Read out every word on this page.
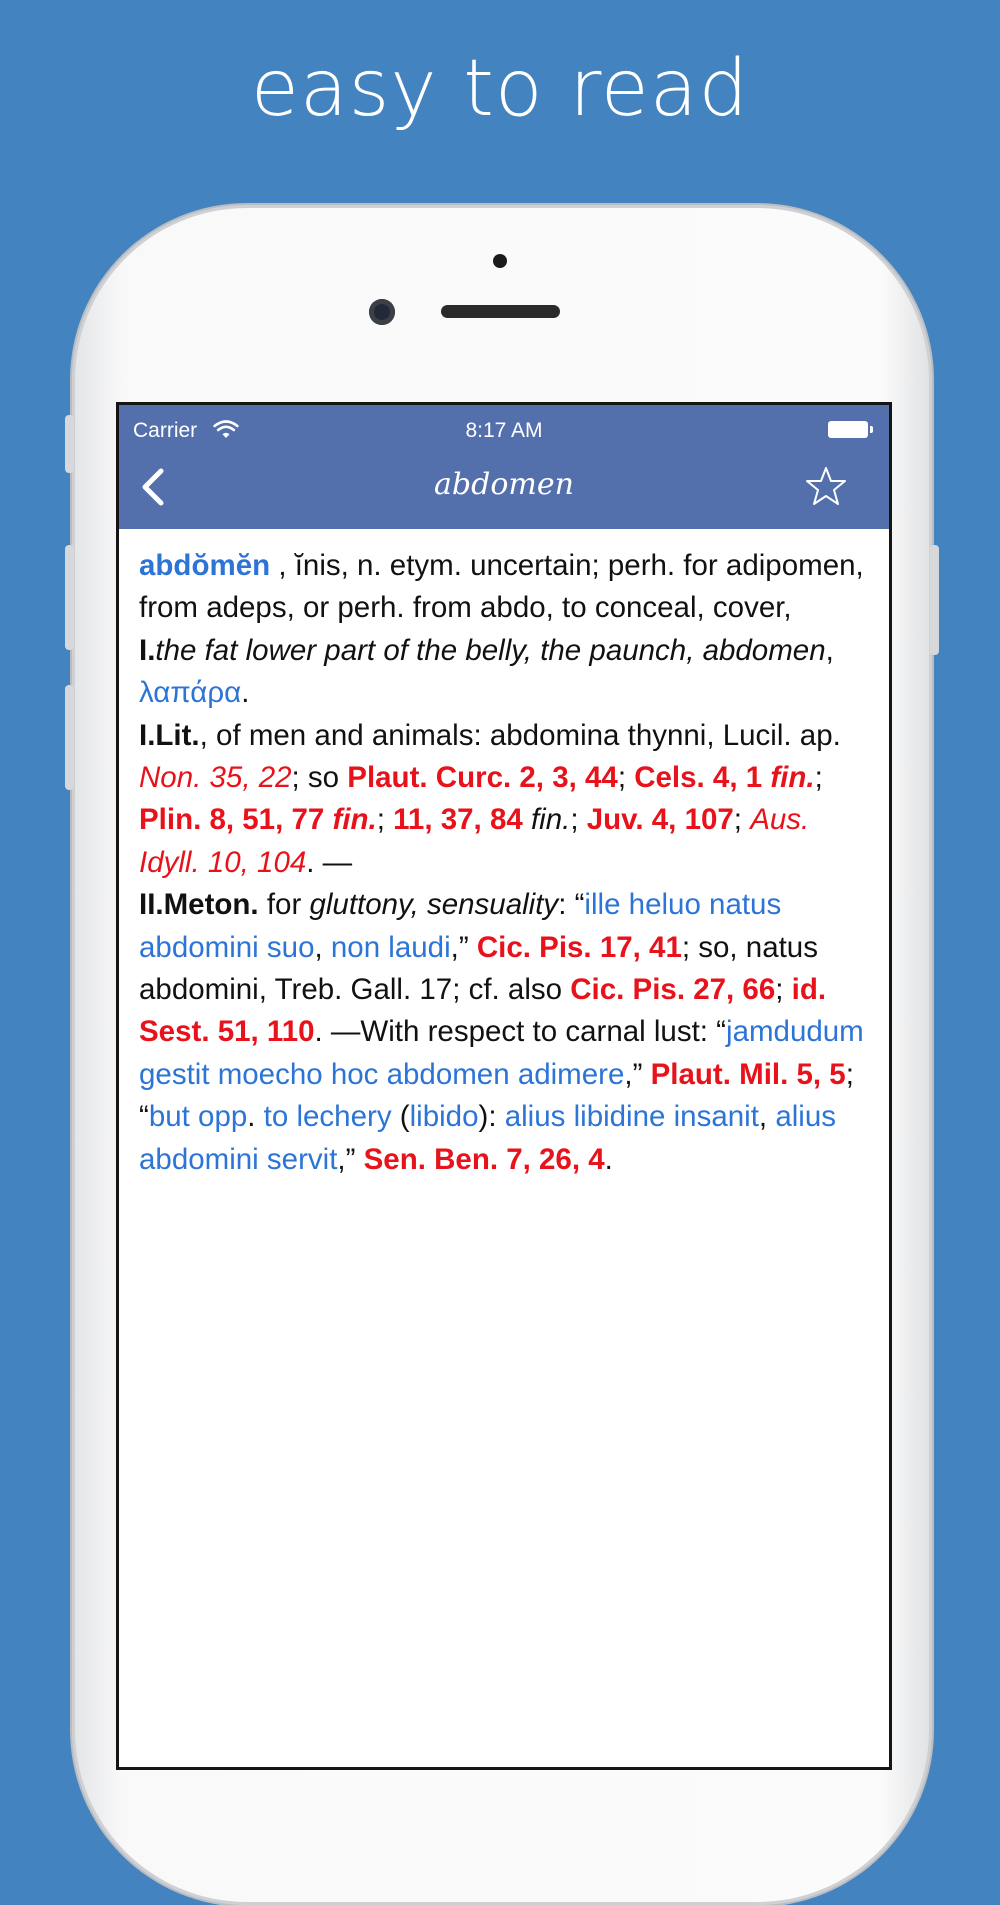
easy to read
Carrier	8:17 AM
abdomen

abdŏmĕn , ĭnis, n. etym. uncertain; perh. for adipomen, from adeps, or perh. from abdo, to conceal, cover,

I.the fat lower part of the belly, the paunch, abdomen, λαπάρα.

I.Lit., of men and animals: abdomina thynni, Lucil. ap. Non. 35, 22; so Plaut. Curc. 2, 3, 44; Cels. 4, 1 fin.; Plin. 8, 51, 77 fin.; 11, 37, 84 fin.; Juv. 4, 107; Aus. Idyll. 10, 104. —

II.Meton. for gluttony, sensuality: “ille heluo natus abdomini suo, non laudi,” Cic. Pis. 17, 41; so, natus abdomini, Treb. Gall. 17; cf. also Cic. Pis. 27, 66; id. Sest. 51, 110. —With respect to carnal lust: “jamdudum gestit moecho hoc abdomen adimere,” Plaut. Mil. 5, 5; “but opp. to lechery (libido): alius libidine insanit, alius abdomini servit,” Sen. Ben. 7, 26, 4.
